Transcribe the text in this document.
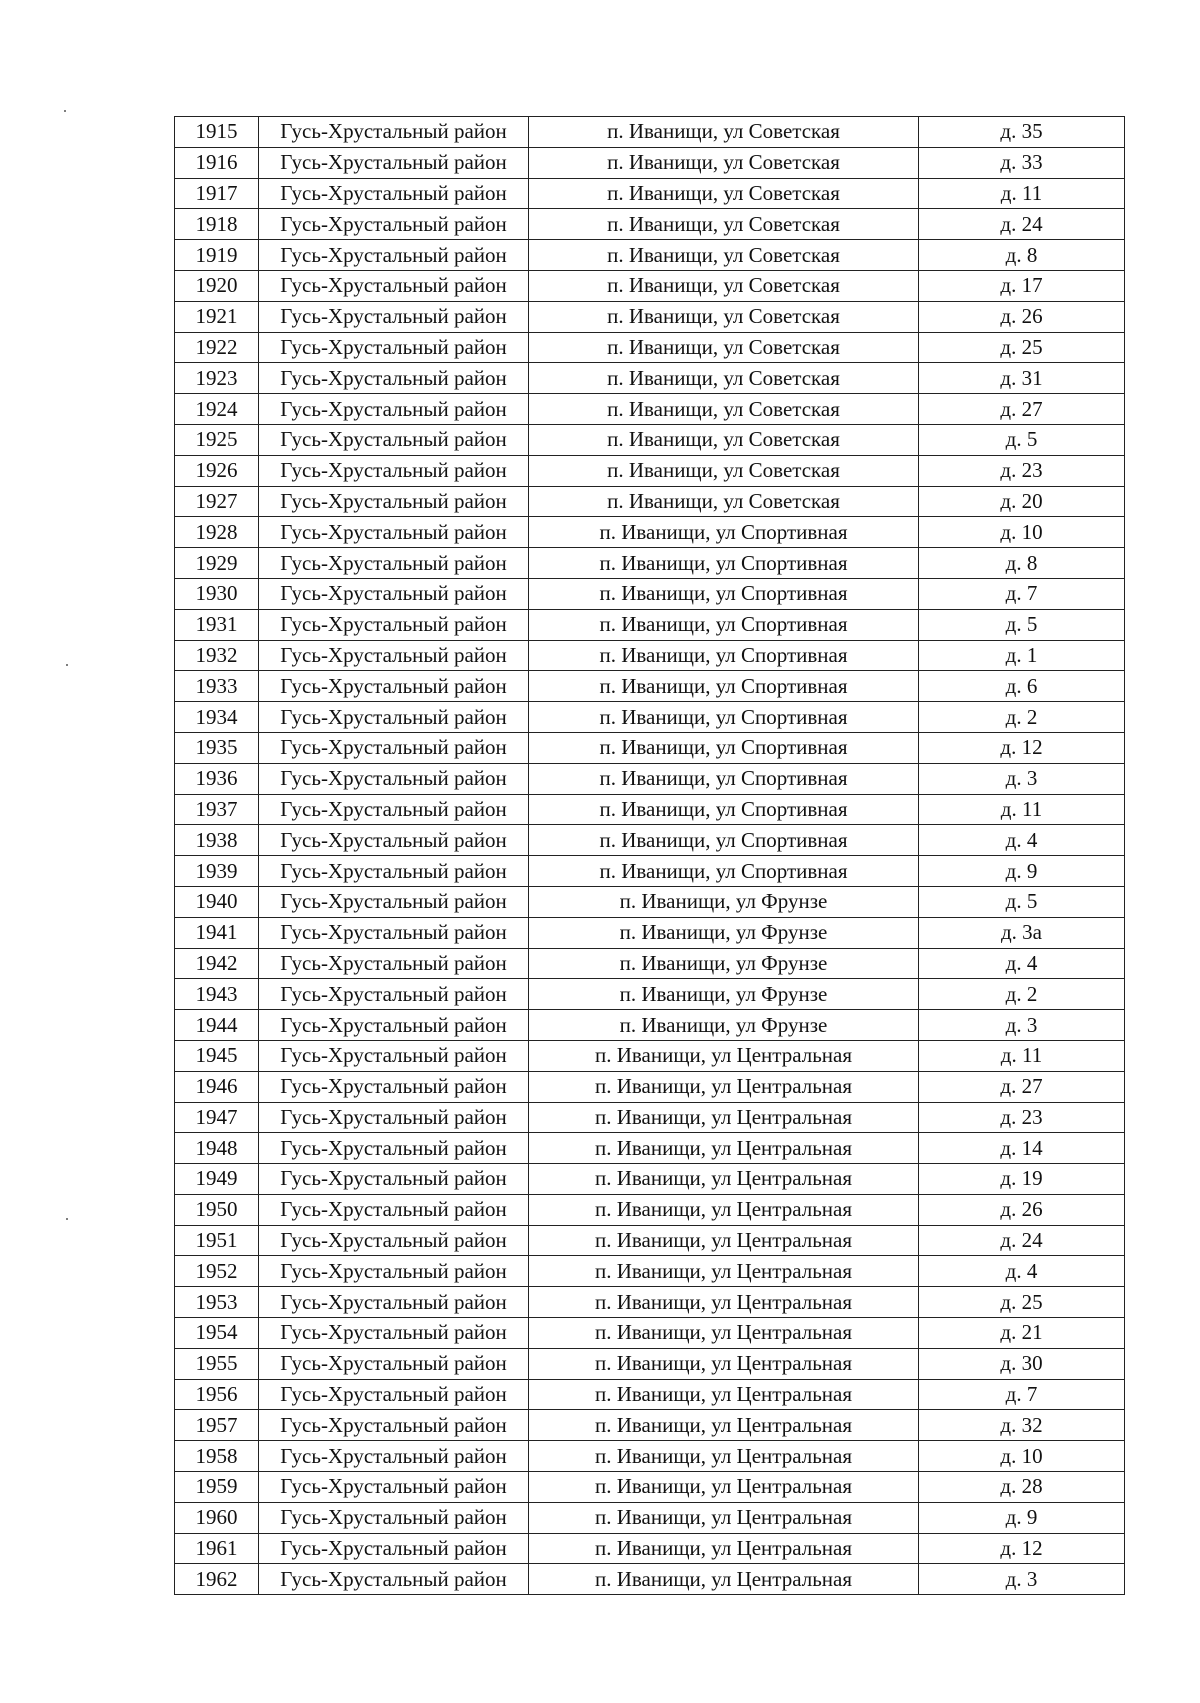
1915	Гусь-Хрустальный район	п. Иванищи, ул Советская	д. 35
1916	Гусь-Хрустальный район	п. Иванищи, ул Советская	д. 33
1917	Гусь-Хрустальный район	п. Иванищи, ул Советская	д. 11
1918	Гусь-Хрустальный район	п. Иванищи, ул Советская	д. 24
1919	Гусь-Хрустальный район	п. Иванищи, ул Советская	д. 8
1920	Гусь-Хрустальный район	п. Иванищи, ул Советская	д. 17
1921	Гусь-Хрустальный район	п. Иванищи, ул Советская	д. 26
1922	Гусь-Хрустальный район	п. Иванищи, ул Советская	д. 25
1923	Гусь-Хрустальный район	п. Иванищи, ул Советская	д. 31
1924	Гусь-Хрустальный район	п. Иванищи, ул Советская	д. 27
1925	Гусь-Хрустальный район	п. Иванищи, ул Советская	д. 5
1926	Гусь-Хрустальный район	п. Иванищи, ул Советская	д. 23
1927	Гусь-Хрустальный район	п. Иванищи, ул Советская	д. 20
1928	Гусь-Хрустальный район	п. Иванищи, ул Спортивная	д. 10
1929	Гусь-Хрустальный район	п. Иванищи, ул Спортивная	д. 8
1930	Гусь-Хрустальный район	п. Иванищи, ул Спортивная	д. 7
1931	Гусь-Хрустальный район	п. Иванищи, ул Спортивная	д. 5
1932	Гусь-Хрустальный район	п. Иванищи, ул Спортивная	д. 1
1933	Гусь-Хрустальный район	п. Иванищи, ул Спортивная	д. 6
1934	Гусь-Хрустальный район	п. Иванищи, ул Спортивная	д. 2
1935	Гусь-Хрустальный район	п. Иванищи, ул Спортивная	д. 12
1936	Гусь-Хрустальный район	п. Иванищи, ул Спортивная	д. 3
1937	Гусь-Хрустальный район	п. Иванищи, ул Спортивная	д. 11
1938	Гусь-Хрустальный район	п. Иванищи, ул Спортивная	д. 4
1939	Гусь-Хрустальный район	п. Иванищи, ул Спортивная	д. 9
1940	Гусь-Хрустальный район	п. Иванищи, ул Фрунзе	д. 5
1941	Гусь-Хрустальный район	п. Иванищи, ул Фрунзе	д. 3а
1942	Гусь-Хрустальный район	п. Иванищи, ул Фрунзе	д. 4
1943	Гусь-Хрустальный район	п. Иванищи, ул Фрунзе	д. 2
1944	Гусь-Хрустальный район	п. Иванищи, ул Фрунзе	д. 3
1945	Гусь-Хрустальный район	п. Иванищи, ул Центральная	д. 11
1946	Гусь-Хрустальный район	п. Иванищи, ул Центральная	д. 27
1947	Гусь-Хрустальный район	п. Иванищи, ул Центральная	д. 23
1948	Гусь-Хрустальный район	п. Иванищи, ул Центральная	д. 14
1949	Гусь-Хрустальный район	п. Иванищи, ул Центральная	д. 19
1950	Гусь-Хрустальный район	п. Иванищи, ул Центральная	д. 26
1951	Гусь-Хрустальный район	п. Иванищи, ул Центральная	д. 24
1952	Гусь-Хрустальный район	п. Иванищи, ул Центральная	д. 4
1953	Гусь-Хрустальный район	п. Иванищи, ул Центральная	д. 25
1954	Гусь-Хрустальный район	п. Иванищи, ул Центральная	д. 21
1955	Гусь-Хрустальный район	п. Иванищи, ул Центральная	д. 30
1956	Гусь-Хрустальный район	п. Иванищи, ул Центральная	д. 7
1957	Гусь-Хрустальный район	п. Иванищи, ул Центральная	д. 32
1958	Гусь-Хрустальный район	п. Иванищи, ул Центральная	д. 10
1959	Гусь-Хрустальный район	п. Иванищи, ул Центральная	д. 28
1960	Гусь-Хрустальный район	п. Иванищи, ул Центральная	д. 9
1961	Гусь-Хрустальный район	п. Иванищи, ул Центральная	д. 12
1962	Гусь-Хрустальный район	п. Иванищи, ул Центральная	д. 3
